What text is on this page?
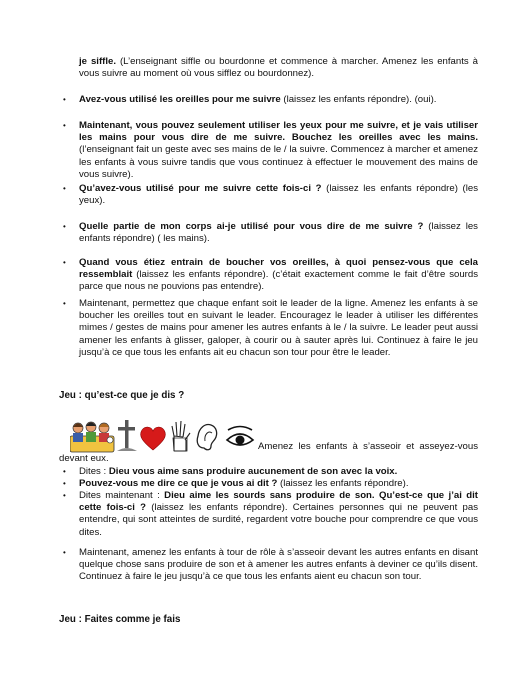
je siffle. (L’enseignant siffle ou bourdonne et commence à marcher. Amenez les enfants à vous suivre au moment où vous sifflez ou bourdonnez).
• Avez-vous utilisé les oreilles pour me suivre (laissez les enfants répondre). (oui).
• Maintenant, vous pouvez seulement utiliser les yeux pour me suivre, et je vais utiliser les mains pour vous dire de me suivre. Bouchez les oreilles avec les mains. (l’enseignant fait un geste avec ses mains de le / la suivre. Commencez à marcher et amenez les enfants à vous suivre tandis que vous continuez à effectuer le mouvement des mains de vous suivre).
• Qu’avez-vous utilisé pour me suivre cette fois-ci ? (laissez les enfants répondre) (les yeux).
• Quelle partie de mon corps ai-je utilisé pour vous dire de me suivre ? (laissez les enfants répondre) ( les mains).
• Quand vous étiez entrain de boucher vos oreilles, à quoi pensez-vous que cela ressemblait (laissez les enfants répondre). (c’était exactement comme le fait d’être sourds parce que nous ne pouvions pas entendre).
• Maintenant, permettez que chaque enfant soit le leader de la ligne. Amenez les enfants à se boucher les oreilles tout en suivant le leader. Encouragez le leader à utiliser les différentes mimes / gestes de mains pour amener les autres enfants à le / la suivre. Le leader peut aussi amener les enfants à glisser, galoper, à courir ou à sauter après lui. Continuez à faire le jeu jusqu’à ce que tous les enfants ait eu chacun son tour pour être le leader.
Jeu : qu’est-ce que je dis ?
Amenez les enfants à s’asseoir et asseyez-vous devant eux.
• Dites : Dieu vous aime sans produire aucunement de son avec la voix.
• Pouvez-vous me dire ce que je vous ai dit ? (laissez les enfants répondre).
• Dites maintenant : Dieu aime les sourds sans produire de son. Qu’est-ce que j’ai dit cette fois-ci ? (laissez les enfants répondre). Certaines personnes qui ne peuvent pas entendre, qui sont atteintes de surdité, regardent votre bouche pour comprendre ce que vous dites.
• Maintenant, amenez les enfants à tour de rôle à s’asseoir devant les autres enfants en disant quelque chose sans produire de son et à amener les autres enfants à deviner ce qu’ils disent. Continuez à faire le jeu jusqu’à ce que tous les enfants aient eu chacun son tour.
Jeu : Faites comme je fais
